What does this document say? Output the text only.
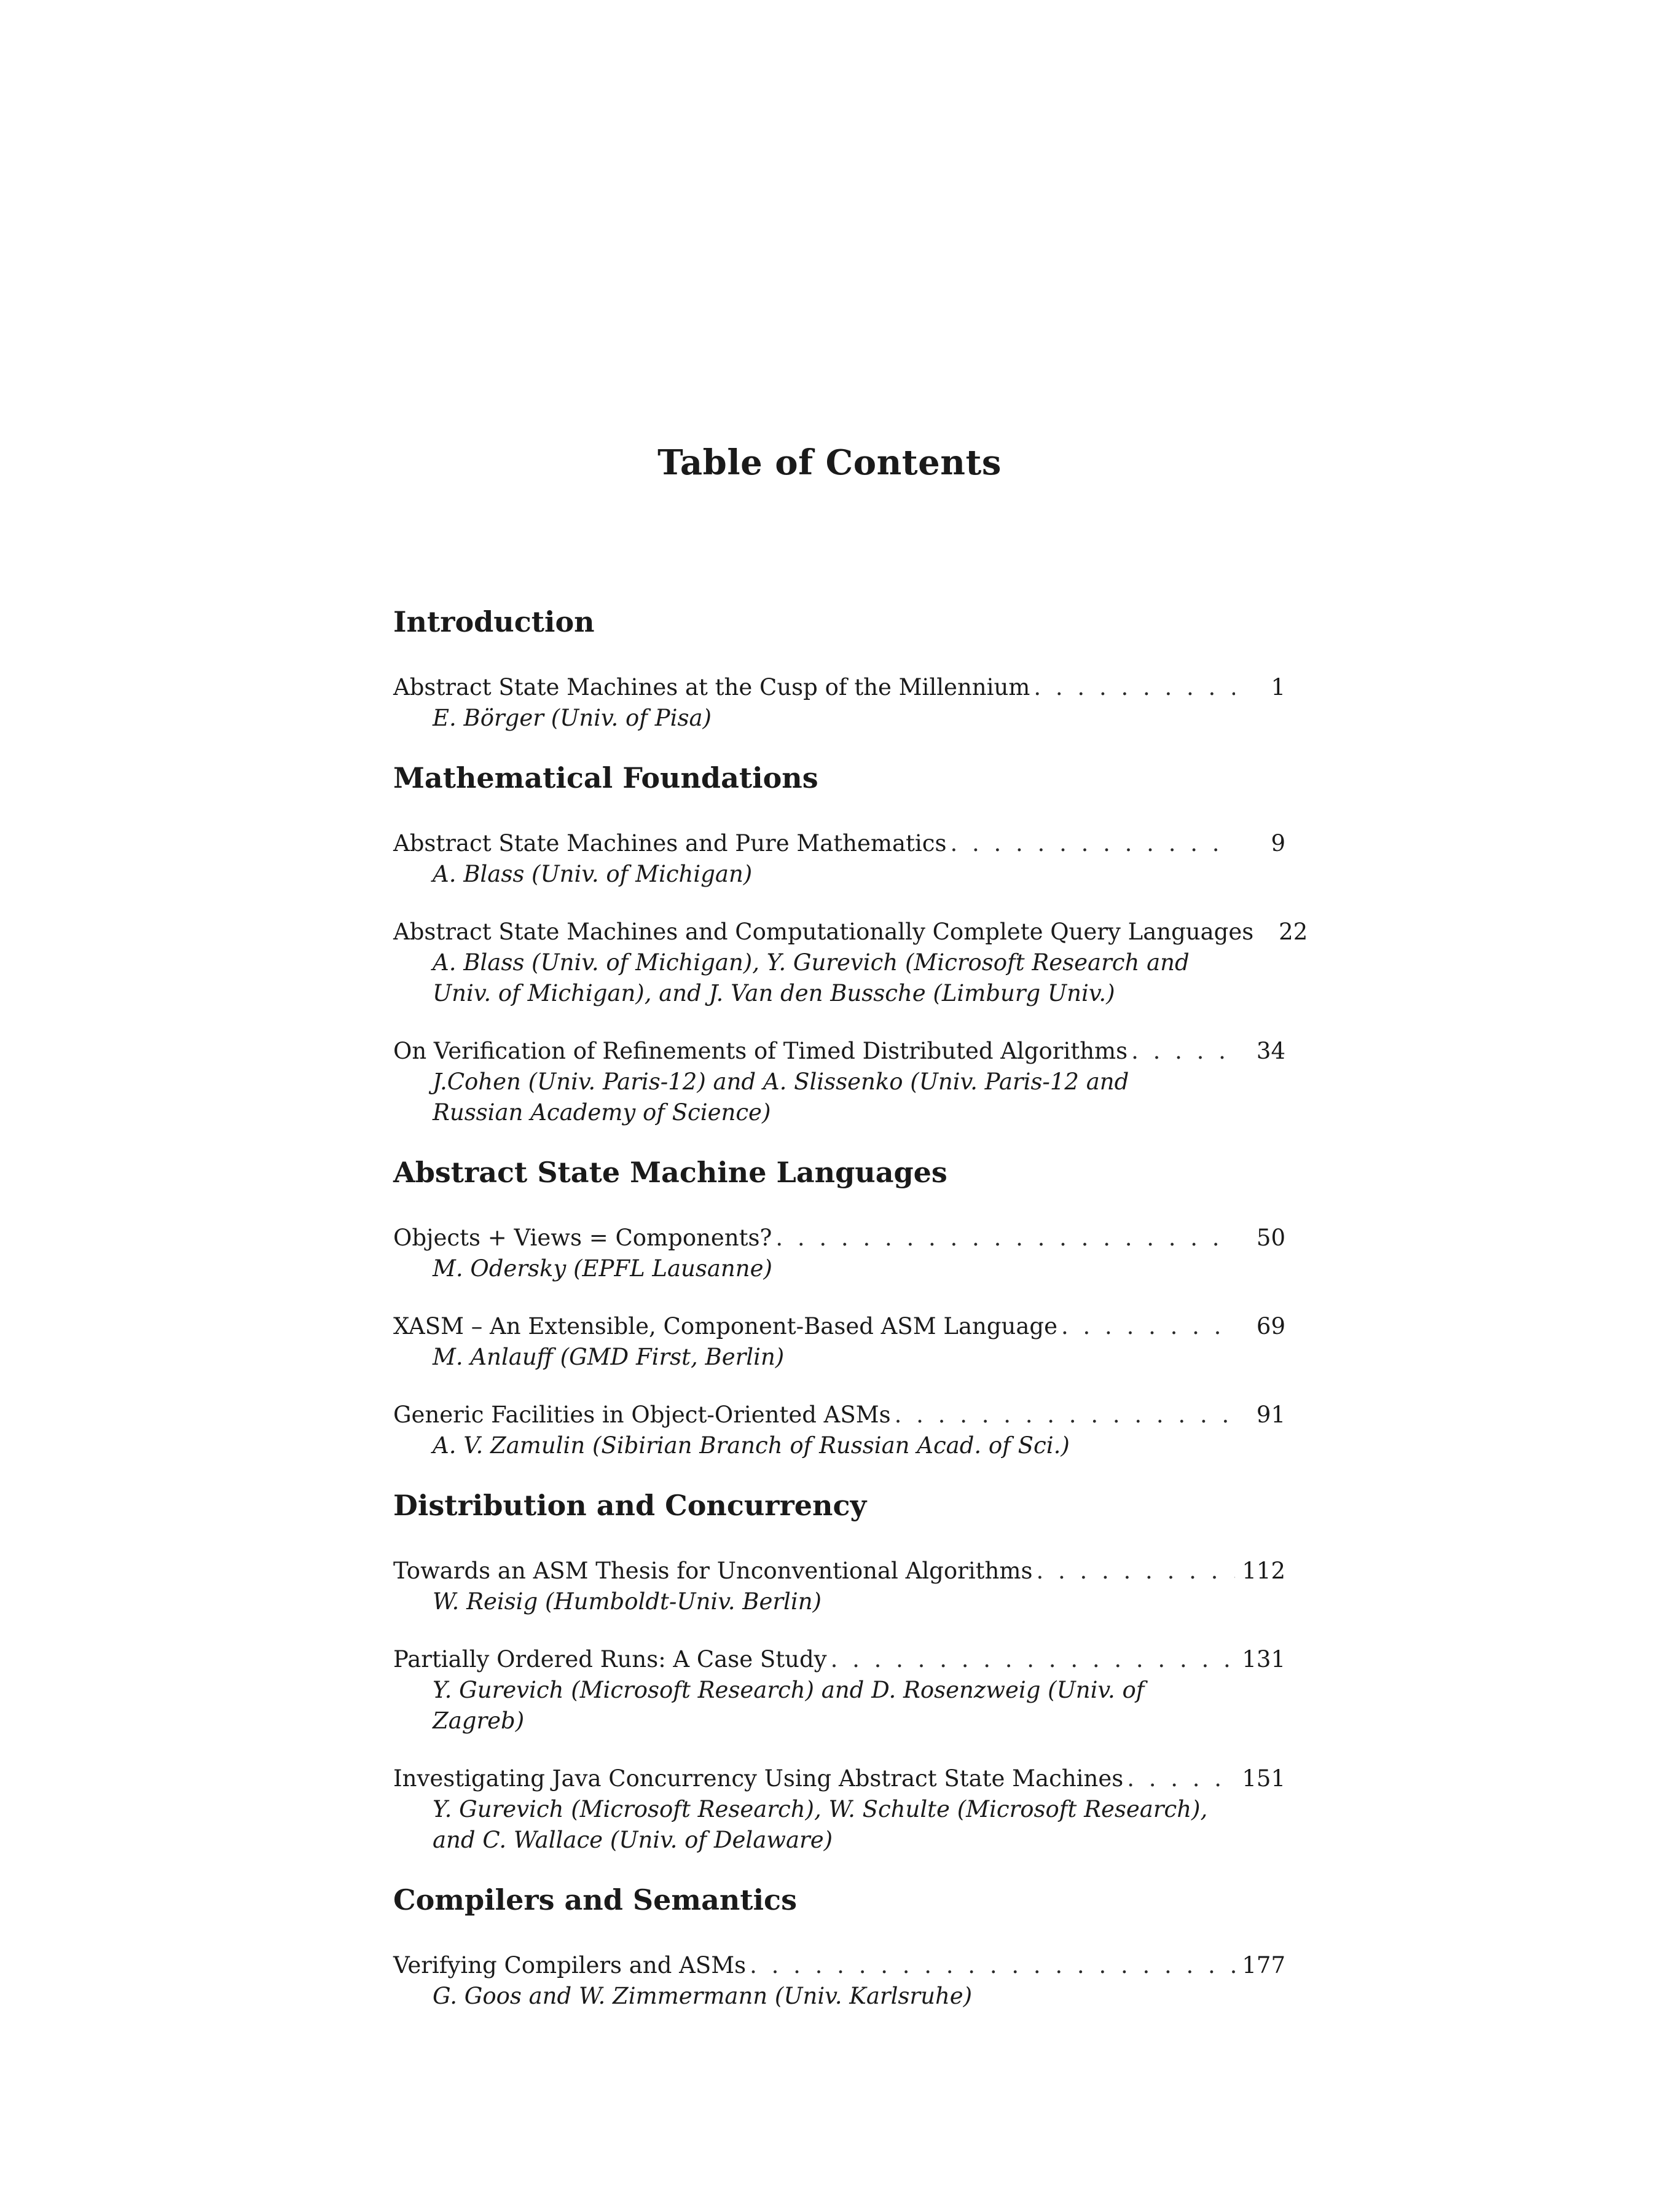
Table of Contents
Introduction
Abstract State Machines at the Cusp of the Millennium . . .	1
E. Börger (Univ. of Pisa)
Mathematical Foundations
Abstract State Machines and Pure Mathematics . . .	9
A. Blass (Univ. of Michigan)
Abstract State Machines and Computationally Complete Query Languages	22
A. Blass (Univ. of Michigan), Y. Gurevich (Microsoft Research and Univ. of Michigan), and J. Van den Bussche (Limburg Univ.)
On Verification of Refinements of Timed Distributed Algorithms . . .	34
J.Cohen (Univ. Paris-12) and A. Slissenko (Univ. Paris-12 and Russian Academy of Science)
Abstract State Machine Languages
Objects + Views = Components? . . .	50
M. Odersky (EPFL Lausanne)
XASM – An Extensible, Component-Based ASM Language . . .	69
M. Anlauff (GMD First, Berlin)
Generic Facilities in Object-Oriented ASMs . . .	91
A. V. Zamulin (Sibirian Branch of Russian Acad. of Sci.)
Distribution and Concurrency
Towards an ASM Thesis for Unconventional Algorithms . . .	112
W. Reisig (Humboldt-Univ. Berlin)
Partially Ordered Runs: A Case Study . . .	131
Y. Gurevich (Microsoft Research) and D. Rosenzweig (Univ. of Zagreb)
Investigating Java Concurrency Using Abstract State Machines . . .	151
Y. Gurevich (Microsoft Research), W. Schulte (Microsoft Research), and C. Wallace (Univ. of Delaware)
Compilers and Semantics
Verifying Compilers and ASMs . . .	177
G. Goos and W. Zimmermann (Univ. Karlsruhe)
